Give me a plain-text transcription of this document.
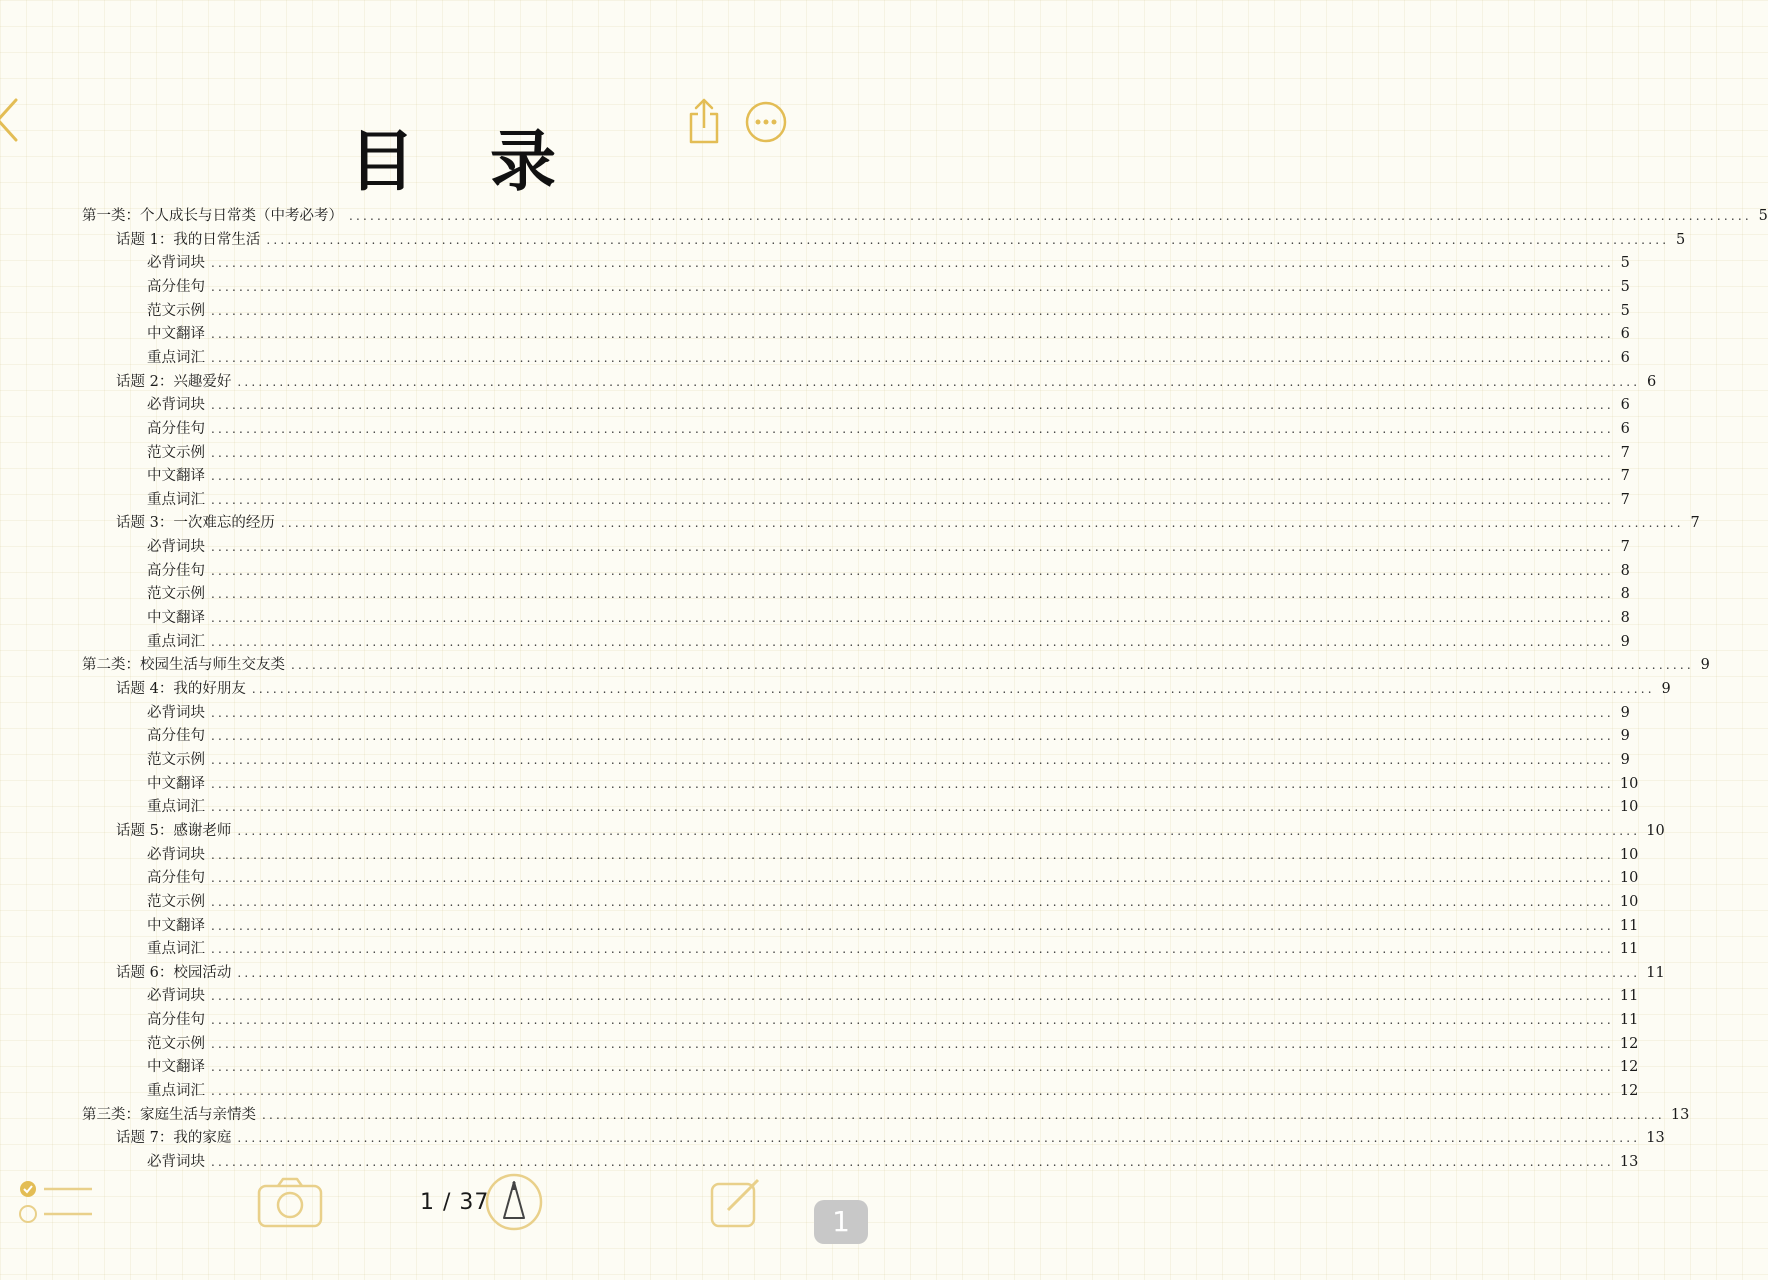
目 录
第一类：个人成长与日常类（中考必考） ........................................................................................................................................................................................................ 5
话题 1：我的日常生活 ........................................................................................................................................................................................................ 5
必背词块 ........................................................................................................................................................................................................ 5
高分佳句 ........................................................................................................................................................................................................ 5
范文示例 ........................................................................................................................................................................................................ 5
中文翻译 ........................................................................................................................................................................................................ 6
重点词汇 ........................................................................................................................................................................................................ 6
话题 2：兴趣爱好 ........................................................................................................................................................................................................ 6
必背词块 ........................................................................................................................................................................................................ 6
高分佳句 ........................................................................................................................................................................................................ 6
范文示例 ........................................................................................................................................................................................................ 7
中文翻译 ........................................................................................................................................................................................................ 7
重点词汇 ........................................................................................................................................................................................................ 7
话题 3：一次难忘的经历 ........................................................................................................................................................................................................ 7
必背词块 ........................................................................................................................................................................................................ 7
高分佳句 ........................................................................................................................................................................................................ 8
范文示例 ........................................................................................................................................................................................................ 8
中文翻译 ........................................................................................................................................................................................................ 8
重点词汇 ........................................................................................................................................................................................................ 9
第二类：校园生活与师生交友类 ........................................................................................................................................................................................................ 9
话题 4：我的好朋友 ........................................................................................................................................................................................................ 9
必背词块 ........................................................................................................................................................................................................ 9
高分佳句 ........................................................................................................................................................................................................ 9
范文示例 ........................................................................................................................................................................................................ 9
中文翻译 ........................................................................................................................................................................................................ 10
重点词汇 ........................................................................................................................................................................................................ 10
话题 5：感谢老师 ........................................................................................................................................................................................................ 10
必背词块 ........................................................................................................................................................................................................ 10
高分佳句 ........................................................................................................................................................................................................ 10
范文示例 ........................................................................................................................................................................................................ 10
中文翻译 ........................................................................................................................................................................................................ 11
重点词汇 ........................................................................................................................................................................................................ 11
话题 6：校园活动 ........................................................................................................................................................................................................ 11
必背词块 ........................................................................................................................................................................................................ 11
高分佳句 ........................................................................................................................................................................................................ 11
范文示例 ........................................................................................................................................................................................................ 12
中文翻译 ........................................................................................................................................................................................................ 12
重点词汇 ........................................................................................................................................................................................................ 12
第三类：家庭生活与亲情类 ........................................................................................................................................................................................................ 13
话题 7：我的家庭 ........................................................................................................................................................................................................ 13
必背词块 ........................................................................................................................................................................................................ 13
1 / 37
1
